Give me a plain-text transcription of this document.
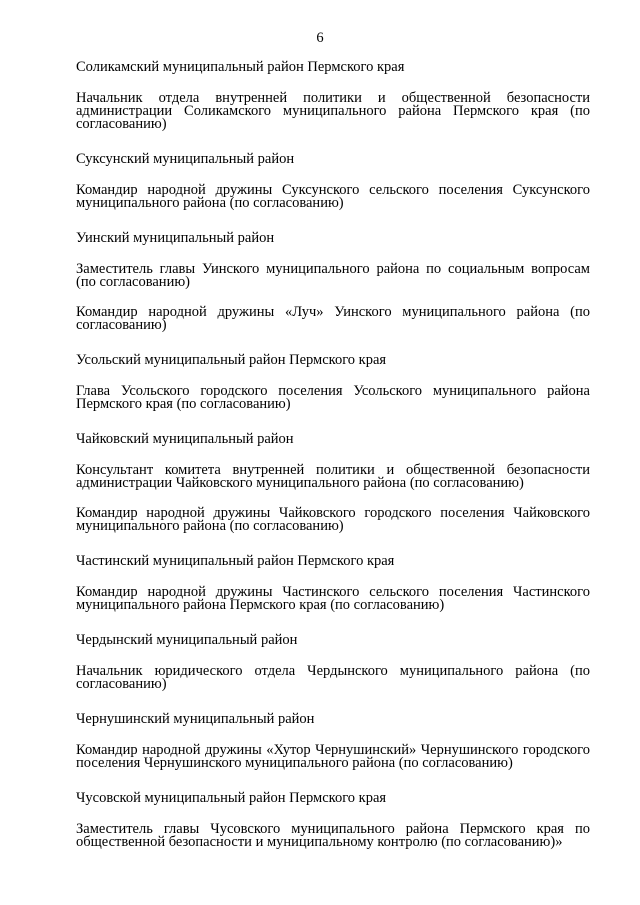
6

Соликамский муниципальный район Пермского края

Начальник отдела внутренней политики и общественной безопасности администрации Соликамского муниципального района Пермского края (по согласованию)

Суксунский муниципальный район

Командир народной дружины Суксунского сельского поселения Суксунского муниципального района (по согласованию)

Уинский муниципальный район

Заместитель главы Уинского муниципального района по социальным вопросам (по согласованию)

Командир народной дружины «Луч» Уинского муниципального района (по согласованию)

Усольский муниципальный район Пермского края

Глава Усольского городского поселения Усольского муниципального района Пермского края (по согласованию)

Чайковский муниципальный район

Консультант комитета внутренней политики и общественной безопасности администрации Чайковского муниципального района (по согласованию)

Командир народной дружины Чайковского городского поселения Чайковского муниципального района (по согласованию)

Частинский муниципальный район Пермского края

Командир народной дружины Частинского сельского поселения Частинского муниципального района Пермского края (по согласованию)

Чердынский муниципальный район

Начальник юридического отдела Чердынского муниципального района (по согласованию)

Чернушинский муниципальный район

Командир народной дружины «Хутор Чернушинский» Чернушинского городского поселения Чернушинского муниципального района (по согласованию)

Чусовской муниципальный район Пермского края

Заместитель главы Чусовского муниципального района Пермского края по общественной безопасности и муниципальному контролю (по согласованию)»
